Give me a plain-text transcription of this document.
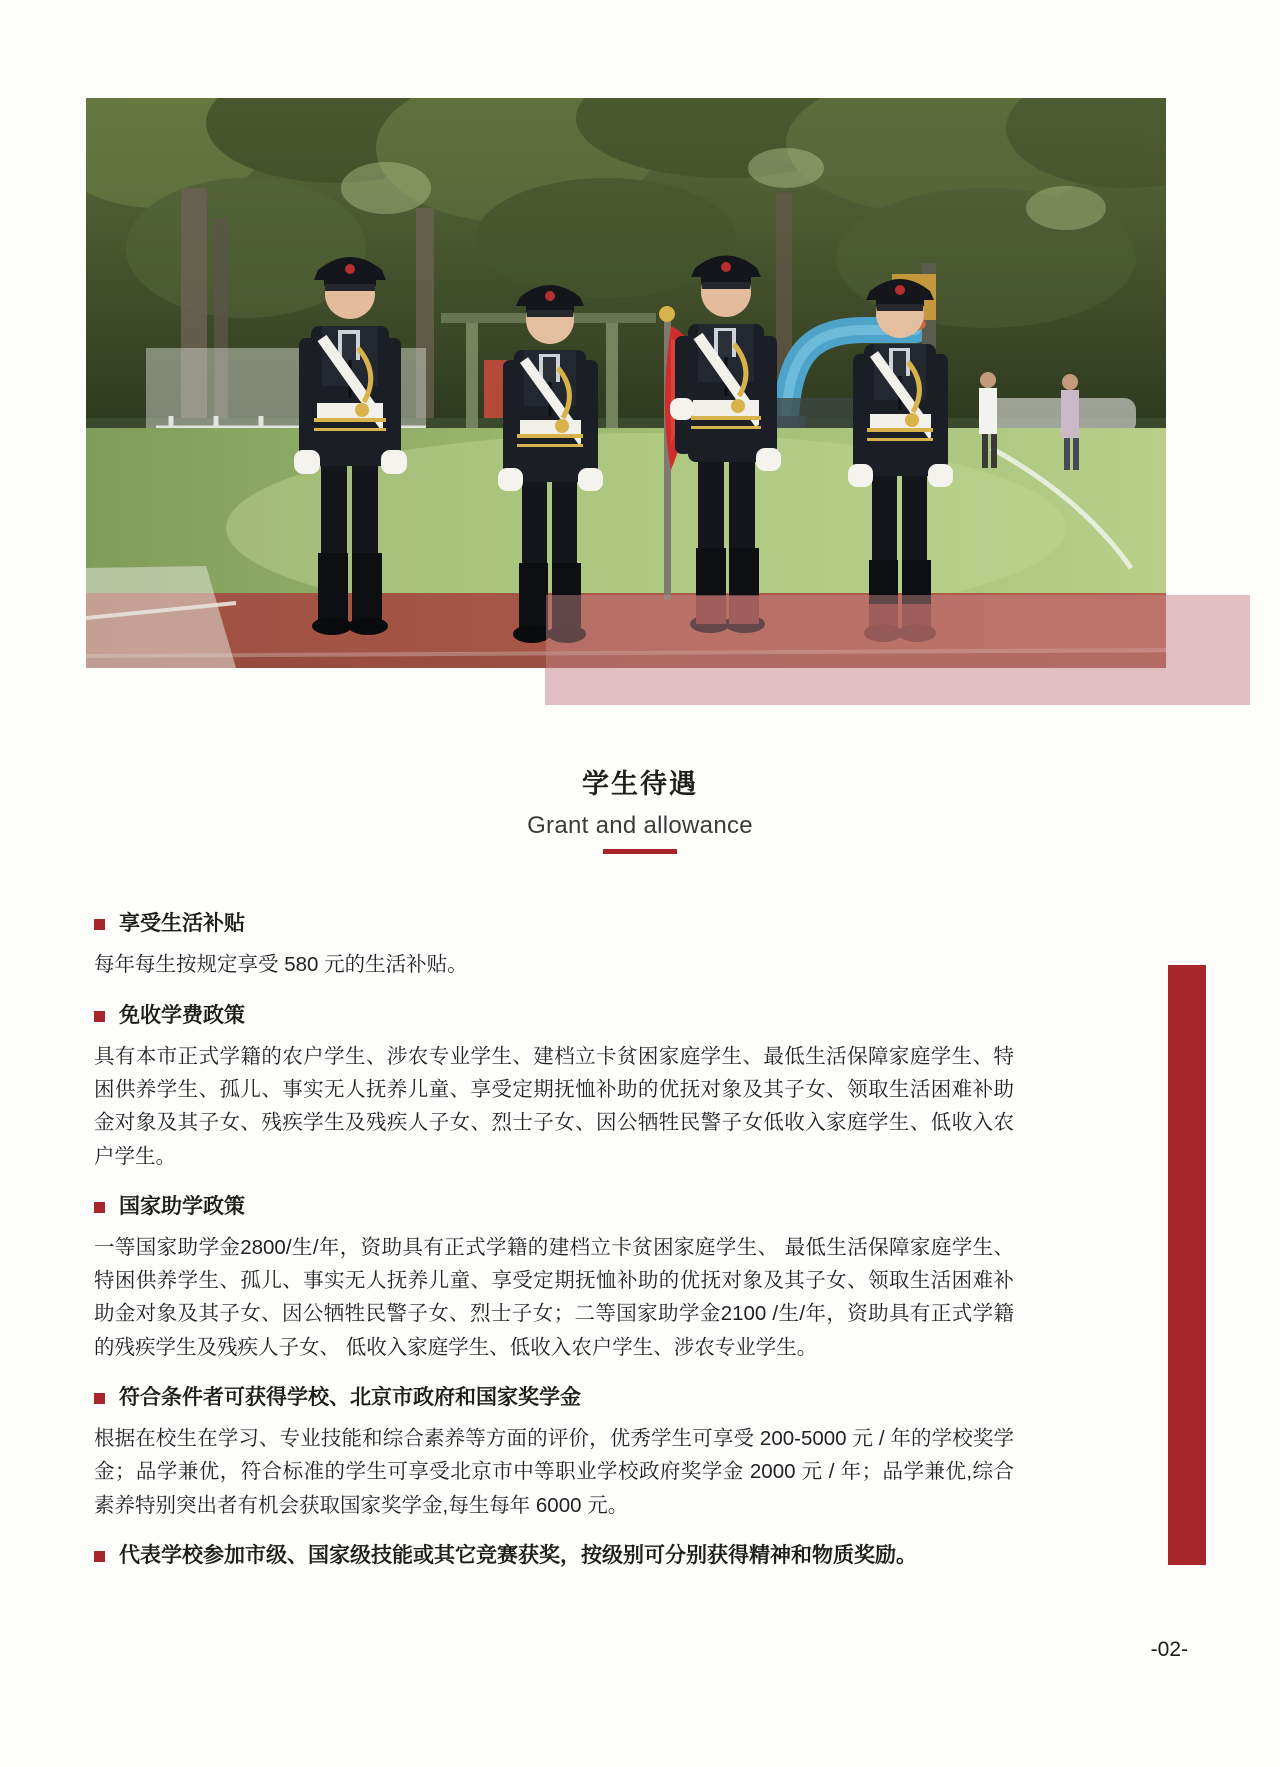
学生待遇
Grant and allowance
享受生活补贴

每年每生按规定享受 580 元的生活补贴。

免收学费政策

具有本市正式学籍的农户学生、涉农专业学生、建档立卡贫困家庭学生、最低生活保障家庭学生、特困供养学生、孤儿、事实无人抚养儿童、享受定期抚恤补助的优抚对象及其子女、领取生活困难补助金对象及其子女、残疾学生及残疾人子女、烈士子女、因公牺牲民警子女低收入家庭学生、低收入农户学生。

国家助学政策

一等国家助学金2800/生/年，资助具有正式学籍的建档立卡贫困家庭学生、 最低生活保障家庭学生、特困供养学生、孤儿、事实无人抚养儿童、享受定期抚恤补助的优抚对象及其子女、领取生活困难补助金对象及其子女、因公牺牲民警子女、烈士子女；二等国家助学金2100 /生/年，资助具有正式学籍的残疾学生及残疾人子女、 低收入家庭学生、低收入农户学生、涉农专业学生。

符合条件者可获得学校、北京市政府和国家奖学金

根据在校生在学习、专业技能和综合素养等方面的评价，优秀学生可享受 200-5000 元 / 年的学校奖学金；品学兼优，符合标准的学生可享受北京市中等职业学校政府奖学金 2000 元 / 年；品学兼优,综合素养特别突出者有机会获取国家奖学金,每生每年 6000 元。

代表学校参加市级、国家级技能或其它竞赛获奖，按级别可分别获得精神和物质奖励。
-02-
